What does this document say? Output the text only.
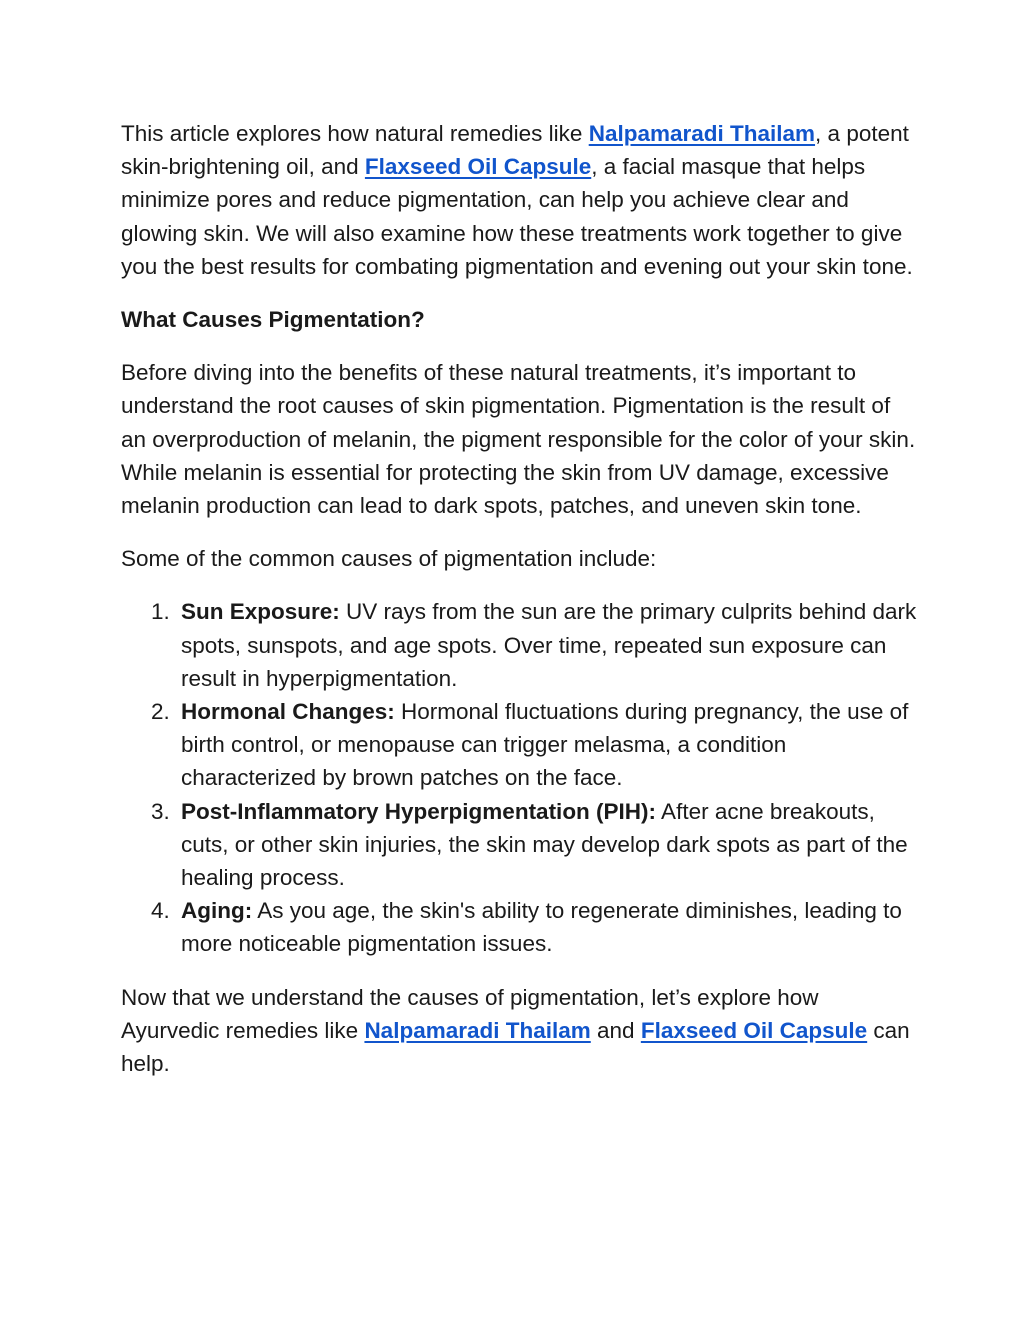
This article explores how natural remedies like Nalpamaradi Thailam, a potent skin-brightening oil, and Flaxseed Oil Capsule, a facial masque that helps minimize pores and reduce pigmentation, can help you achieve clear and glowing skin. We will also examine how these treatments work together to give you the best results for combating pigmentation and evening out your skin tone.

What Causes Pigmentation?

Before diving into the benefits of these natural treatments, it’s important to understand the root causes of skin pigmentation. Pigmentation is the result of an overproduction of melanin, the pigment responsible for the color of your skin. While melanin is essential for protecting the skin from UV damage, excessive melanin production can lead to dark spots, patches, and uneven skin tone.

Some of the common causes of pigmentation include:

1. Sun Exposure: UV rays from the sun are the primary culprits behind dark spots, sunspots, and age spots. Over time, repeated sun exposure can result in hyperpigmentation.
2. Hormonal Changes: Hormonal fluctuations during pregnancy, the use of birth control, or menopause can trigger melasma, a condition characterized by brown patches on the face.
3. Post-Inflammatory Hyperpigmentation (PIH): After acne breakouts, cuts, or other skin injuries, the skin may develop dark spots as part of the healing process.
4. Aging: As you age, the skin's ability to regenerate diminishes, leading to more noticeable pigmentation issues.

Now that we understand the causes of pigmentation, let’s explore how Ayurvedic remedies like Nalpamaradi Thailam and Flaxseed Oil Capsule can help.
